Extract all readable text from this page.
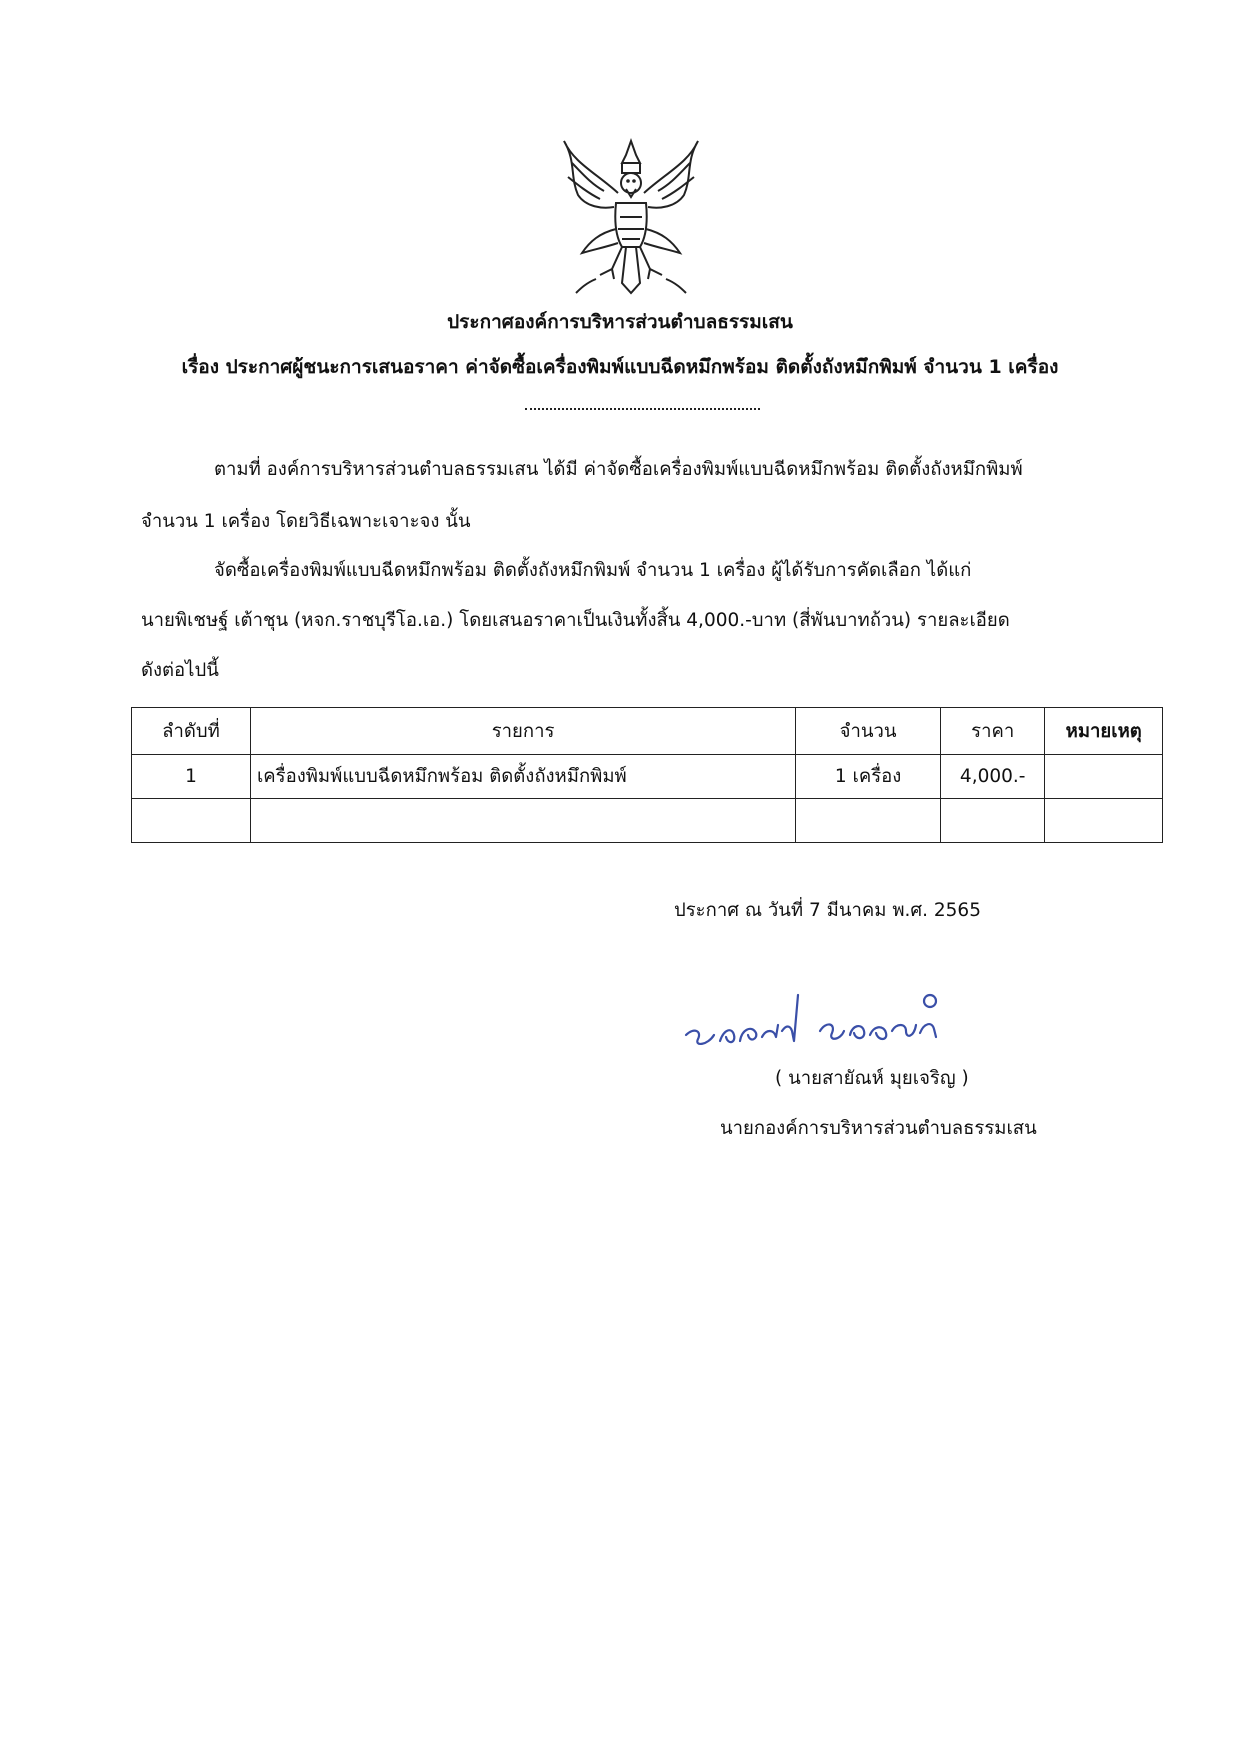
ประกาศองค์การบริหารส่วนตำบลธรรมเสน
เรื่อง ประกาศผู้ชนะการเสนอราคา ค่าจัดซื้อเครื่องพิมพ์แบบฉีดหมึกพร้อม ติดตั้งถังหมึกพิมพ์ จำนวน 1 เครื่อง
ตามที่ องค์การบริหารส่วนตำบลธรรมเสน ได้มี ค่าจัดซื้อเครื่องพิมพ์แบบฉีดหมึกพร้อม ติดตั้งถังหมึกพิมพ์
จำนวน 1 เครื่อง โดยวิธีเฉพาะเจาะจง นั้น
จัดซื้อเครื่องพิมพ์แบบฉีดหมึกพร้อม ติดตั้งถังหมึกพิมพ์ จำนวน 1 เครื่อง ผู้ได้รับการคัดเลือก ได้แก่
นายพิเชษฐ์ เต้าชุน (หจก.ราชบุรีโอ.เอ.) โดยเสนอราคาเป็นเงินทั้งสิ้น 4,000.-บาท (สี่พันบาทถ้วน) รายละเอียด
ดังต่อไปนี้
ลำดับที่	รายการ	จำนวน	ราคา	หมายเหตุ
1	เครื่องพิมพ์แบบฉีดหมึกพร้อม ติดตั้งถังหมึกพิมพ์	1 เครื่อง	4,000.-	

ประกาศ ณ วันที่ 7 มีนาคม พ.ศ. 2565
( นายสายัณห์ มุยเจริญ )
นายกองค์การบริหารส่วนตำบลธรรมเสน
